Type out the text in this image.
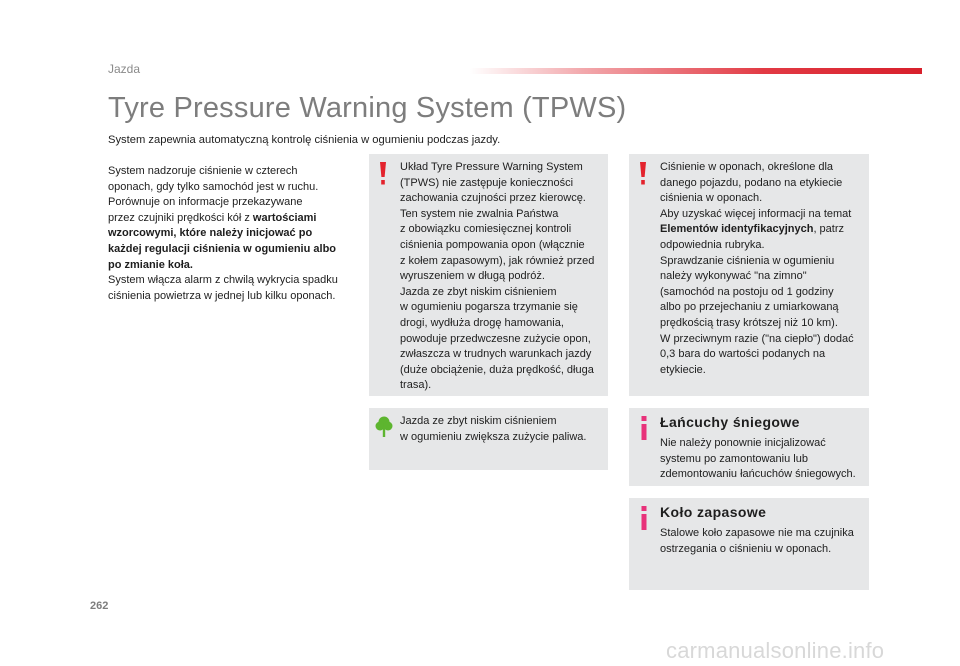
Jazda
Tyre Pressure Warning System (TPWS)
System zapewnia automatyczną kontrolę ciśnienia w ogumieniu podczas jazdy.

System nadzoruje ciśnienie w czterech
oponach, gdy tylko samochód jest w ruchu.
Porównuje on informacje przekazywane
przez czujniki prędkości kół z wartościami
wzorcowymi, które należy inicjować po
każdej regulacji ciśnienia w ogumieniu albo
po zmianie koła.
System włącza alarm z chwilą wykrycia spadku
ciśnienia powietrza w jednej lub kilku oponach.

Układ Tyre Pressure Warning System
(TPWS) nie zastępuje konieczności
zachowania czujności przez kierowcę.
Ten system nie zwalnia Państwa
z obowiązku comiesięcznej kontroli
ciśnienia pompowania opon (włącznie
z kołem zapasowym), jak również przed
wyruszeniem w długą podróż.
Jazda ze zbyt niskim ciśnieniem
w ogumieniu pogarsza trzymanie się
drogi, wydłuża drogę hamowania,
powoduje przedwczesne zużycie opon,
zwłaszcza w trudnych warunkach jazdy
(duże obciążenie, duża prędkość, długa
trasa).

Jazda ze zbyt niskim ciśnieniem
w ogumieniu zwiększa zużycie paliwa.

Ciśnienie w oponach, określone dla
danego pojazdu, podano na etykiecie
ciśnienia w oponach.
Aby uzyskać więcej informacji na temat
Elementów identyfikacyjnych, patrz
odpowiednia rubryka.
Sprawdzanie ciśnienia w ogumieniu
należy wykonywać "na zimno"
(samochód na postoju od 1 godziny
albo po przejechaniu z umiarkowaną
prędkością trasy krótszej niż 10 km).
W przeciwnym razie ("na ciepło") dodać
0,3 bara do wartości podanych na
etykiecie.

Łańcuchy śniegowe

Nie należy ponownie inicjalizować
systemu po zamontowaniu lub
zdemontowaniu łańcuchów śniegowych.

Koło zapasowe

Stalowe koło zapasowe nie ma czujnika
ostrzegania o ciśnieniu w oponach.

262
carmanualsonline.info
